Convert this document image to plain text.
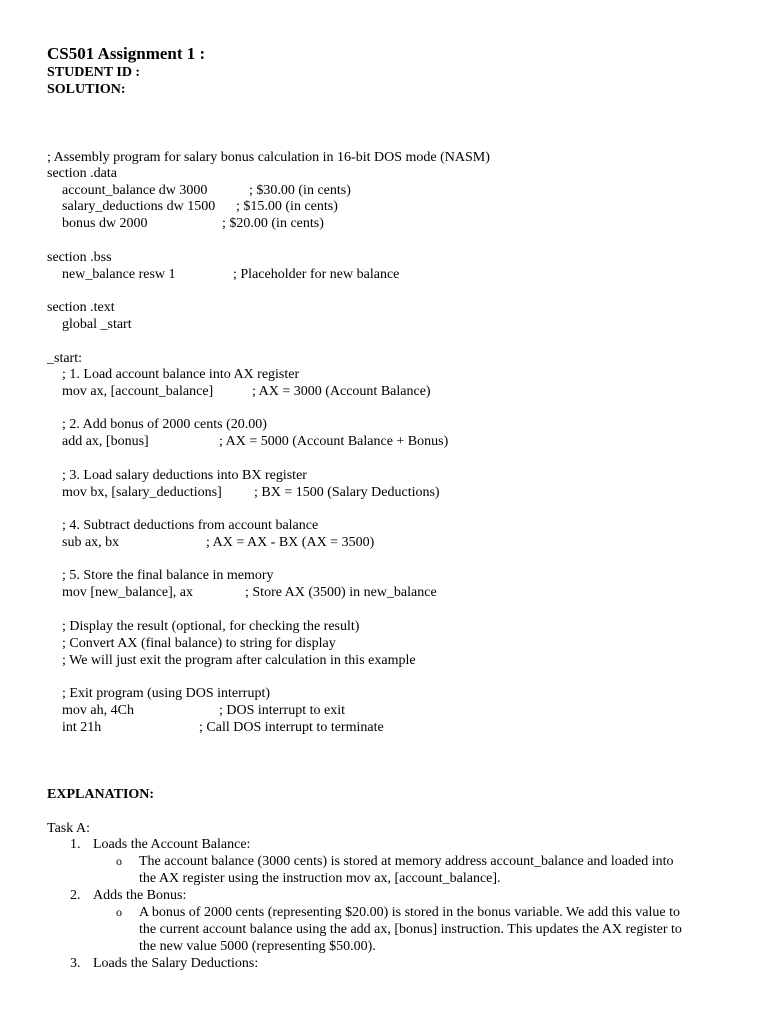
CS501 Assignment 1 :
STUDENT ID :
SOLUTION:
; Assembly program for salary bonus calculation in 16-bit DOS mode (NASM)
section .data
account_balance dw 3000	; $30.00 (in cents)
salary_deductions dw 1500 ; $15.00 (in cents)
bonus dw 2000	; $20.00 (in cents)
section .bss
new_balance resw 1	; Placeholder for new balance
section .text
global _start
_start:
; 1. Load account balance into AX register
mov ax, [account_balance]	; AX = 3000 (Account Balance)
; 2. Add bonus of 2000 cents (20.00)
add ax, [bonus]	; AX = 5000 (Account Balance + Bonus)
; 3. Load salary deductions into BX register
mov bx, [salary_deductions] ; BX = 1500 (Salary Deductions)
; 4. Subtract deductions from account balance
sub ax, bx	; AX = AX - BX (AX = 3500)
; 5. Store the final balance in memory
mov [new_balance], ax	; Store AX (3500) in new_balance
; Display the result (optional, for checking the result)
; Convert AX (final balance) to string for display
; We will just exit the program after calculation in this example
; Exit program (using DOS interrupt)
mov ah, 4Ch	; DOS interrupt to exit
int 21h	; Call DOS interrupt to terminate
EXPLANATION:
Task A:
1. Loads the Account Balance:
o The account balance (3000 cents) is stored at memory address account_balance and loaded into the AX register using the instruction mov ax, [account_balance].
2. Adds the Bonus:
o A bonus of 2000 cents (representing $20.00) is stored in the bonus variable. We add this value to the current account balance using the add ax, [bonus] instruction. This updates the AX register to the new value 5000 (representing $50.00).
3. Loads the Salary Deductions:
